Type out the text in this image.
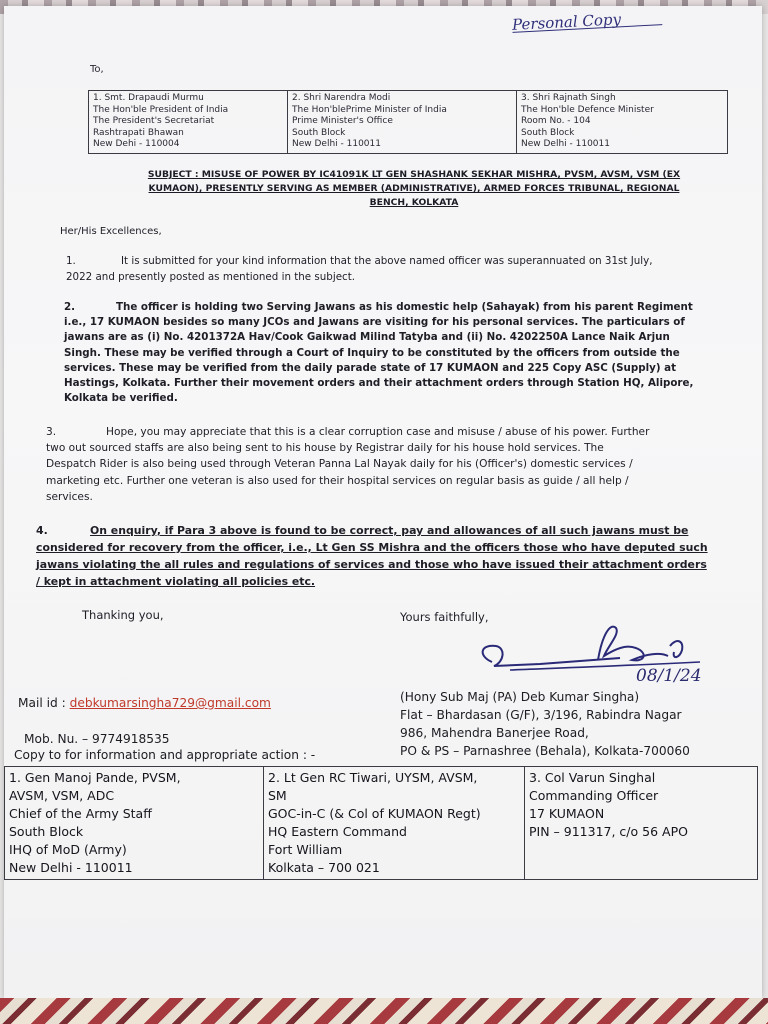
Personal Copy
To,
1. Smt. Drapaudi Murmu
The Hon'ble President of India
The President's Secretariat
Rashtrapati Bhawan
New Dehi - 110004

2. Shri Narendra Modi
The Hon'blePrime Minister of India
Prime Minister's Office
South Block
New Delhi - 110011

3. Shri Rajnath Singh
The Hon'ble Defence Minister
Room No. - 104
South Block
New Delhi - 110011
SUBJECT : MISUSE OF POWER BY IC41091K LT GEN SHASHANK SEKHAR MISHRA, PVSM, AVSM, VSM (EX
KUMAON), PRESENTLY SERVING AS MEMBER (ADMINISTRATIVE), ARMED FORCES TRIBUNAL, REGIONAL
BENCH, KOLKATA
Her/His Excellences,
1.	It is submitted for your kind information that the above named officer was superannuated on 31st July,
2022 and presently posted as mentioned in the subject.
2.	The officer is holding two Serving Jawans as his domestic help (Sahayak) from his parent Regiment
i.e., 17 KUMAON besides so many JCOs and Jawans are visiting for his personal services. The particulars of
jawans are as (i) No. 4201372A Hav/Cook Gaikwad Milind Tatyba and (ii) No. 4202250A Lance Naik Arjun
Singh. These may be verified through a Court of Inquiry to be constituted by the officers from outside the
services. These may be verified from the daily parade state of 17 KUMAON and 225 Copy ASC (Supply) at
Hastings, Kolkata. Further their movement orders and their attachment orders through Station HQ, Alipore,
Kolkata be verified.
3.	Hope, you may appreciate that this is a clear corruption case and misuse / abuse of his power. Further
two out sourced staffs are also being sent to his house by Registrar daily for his house hold services. The
Despatch Rider is also being used through Veteran Panna Lal Nayak daily for his (Officer's) domestic services /
marketing etc. Further one veteran is also used for their hospital services on regular basis as guide / all help /
services.
4.	On enquiry, if Para 3 above is found to be correct, pay and allowances of all such jawans must be
considered for recovery from the officer, i.e., Lt Gen SS Mishra and the officers those who have deputed such
jawans violating the all rules and regulations of services and those who have issued their attachment orders
/ kept in attachment violating all policies etc.
Thanking you,	Yours faithfully,
08/1/24
(Hony Sub Maj (PA) Deb Kumar Singha)
Flat – Bhardasan (G/F), 3/196, Rabindra Nagar
986, Mahendra Banerjee Road,
PO & PS – Parnashree (Behala), Kolkata-700060
Mail id : debkumarsingha729@gmail.com
Mob. Nu. – 9774918535
Copy to for information and appropriate action : -
1. Gen Manoj Pande, PVSM,
AVSM, VSM, ADC
Chief of the Army Staff
South Block
IHQ of MoD (Army)
New Delhi - 110011

2. Lt Gen RC Tiwari, UYSM, AVSM,
SM
GOC-in-C (& Col of KUMAON Regt)
HQ Eastern Command
Fort William
Kolkata – 700 021

3. Col Varun Singhal
Commanding Officer
17 KUMAON
PIN – 911317, c/o 56 APO
